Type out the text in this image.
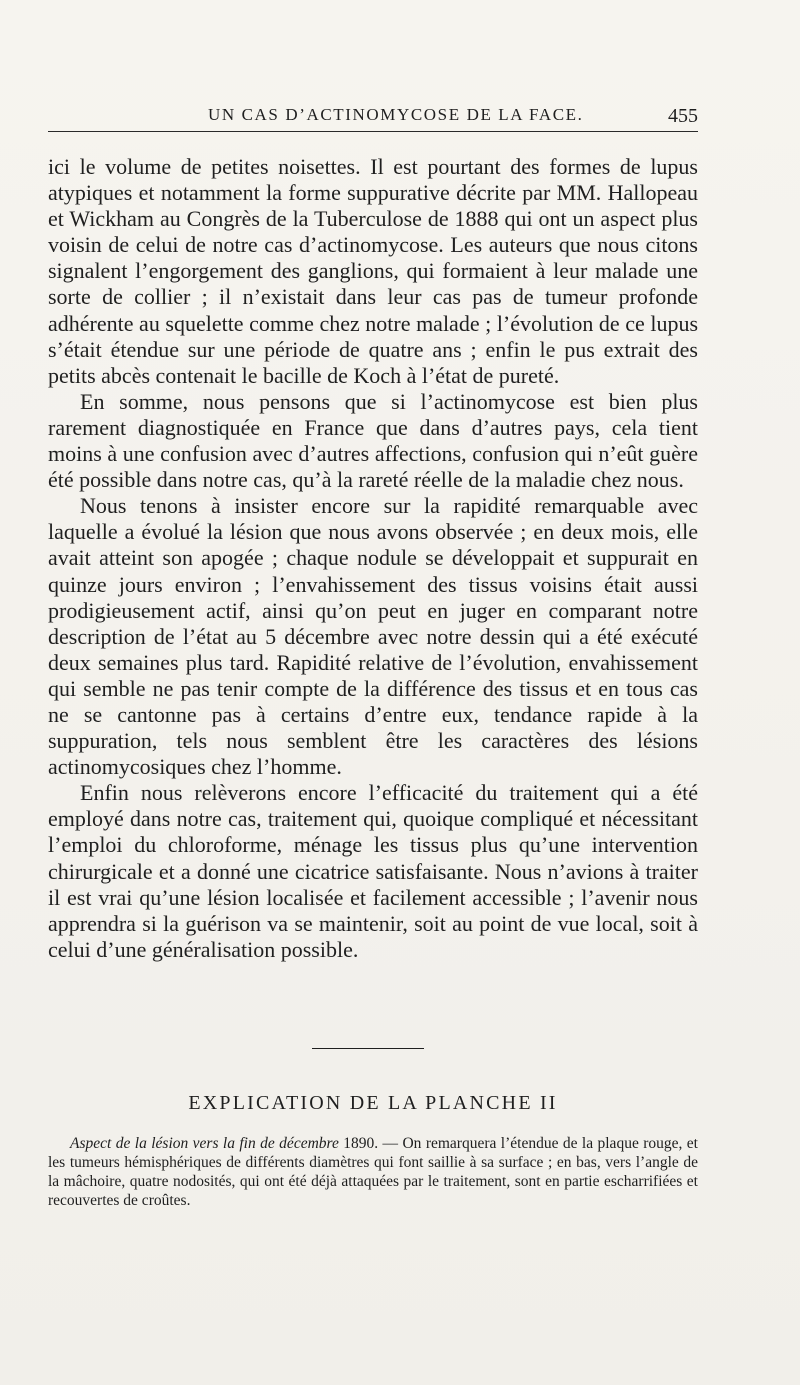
UN CAS D’ACTINOMYCOSE DE LA FACE.	455

ici le volume de petites noisettes. Il est pourtant des formes de lupus atypiques et notamment la forme suppurative décrite par MM. Hallopeau et Wickham au Congrès de la Tuberculose de 1888 qui ont un aspect plus voisin de celui de notre cas d’actinomycose. Les auteurs que nous citons signalent l’engorgement des ganglions, qui formaient à leur malade une sorte de collier ; il n’existait dans leur cas pas de tumeur profonde adhérente au squelette comme chez notre malade ; l’évolution de ce lupus s’était étendue sur une période de quatre ans ; enfin le pus extrait des petits abcès contenait le bacille de Koch à l’état de pureté.

En somme, nous pensons que si l’actinomycose est bien plus rarement diagnostiquée en France que dans d’autres pays, cela tient moins à une confusion avec d’autres affections, confusion qui n’eût guère été possible dans notre cas, qu’à la rareté réelle de la maladie chez nous.

Nous tenons à insister encore sur la rapidité remarquable avec laquelle a évolué la lésion que nous avons observée ; en deux mois, elle avait atteint son apogée ; chaque nodule se développait et suppurait en quinze jours environ ; l’envahissement des tissus voisins était aussi prodigieusement actif, ainsi qu’on peut en juger en comparant notre description de l’état au 5 décembre avec notre dessin qui a été exécuté deux semaines plus tard. Rapidité relative de l’évolution, envahissement qui semble ne pas tenir compte de la différence des tissus et en tous cas ne se cantonne pas à certains d’entre eux, tendance rapide à la suppuration, tels nous semblent être les caractères des lésions actinomycosiques chez l’homme.

Enfin nous relèverons encore l’efficacité du traitement qui a été employé dans notre cas, traitement qui, quoique compliqué et nécessitant l’emploi du chloroforme, ménage les tissus plus qu’une intervention chirurgicale et a donné une cicatrice satisfaisante. Nous n’avions à traiter il est vrai qu’une lésion localisée et facilement accessible ; l’avenir nous apprendra si la guérison va se maintenir, soit au point de vue local, soit à celui d’une généralisation possible.

EXPLICATION DE LA PLANCHE II

Aspect de la lésion vers la fin de décembre 1890. — On remarquera l’étendue de la plaque rouge, et les tumeurs hémisphériques de différents diamètres qui font saillie à sa surface ; en bas, vers l’angle de la mâchoire, quatre nodosités, qui ont été déjà attaquées par le traitement, sont en partie escharrifiées et recouvertes de croûtes.
